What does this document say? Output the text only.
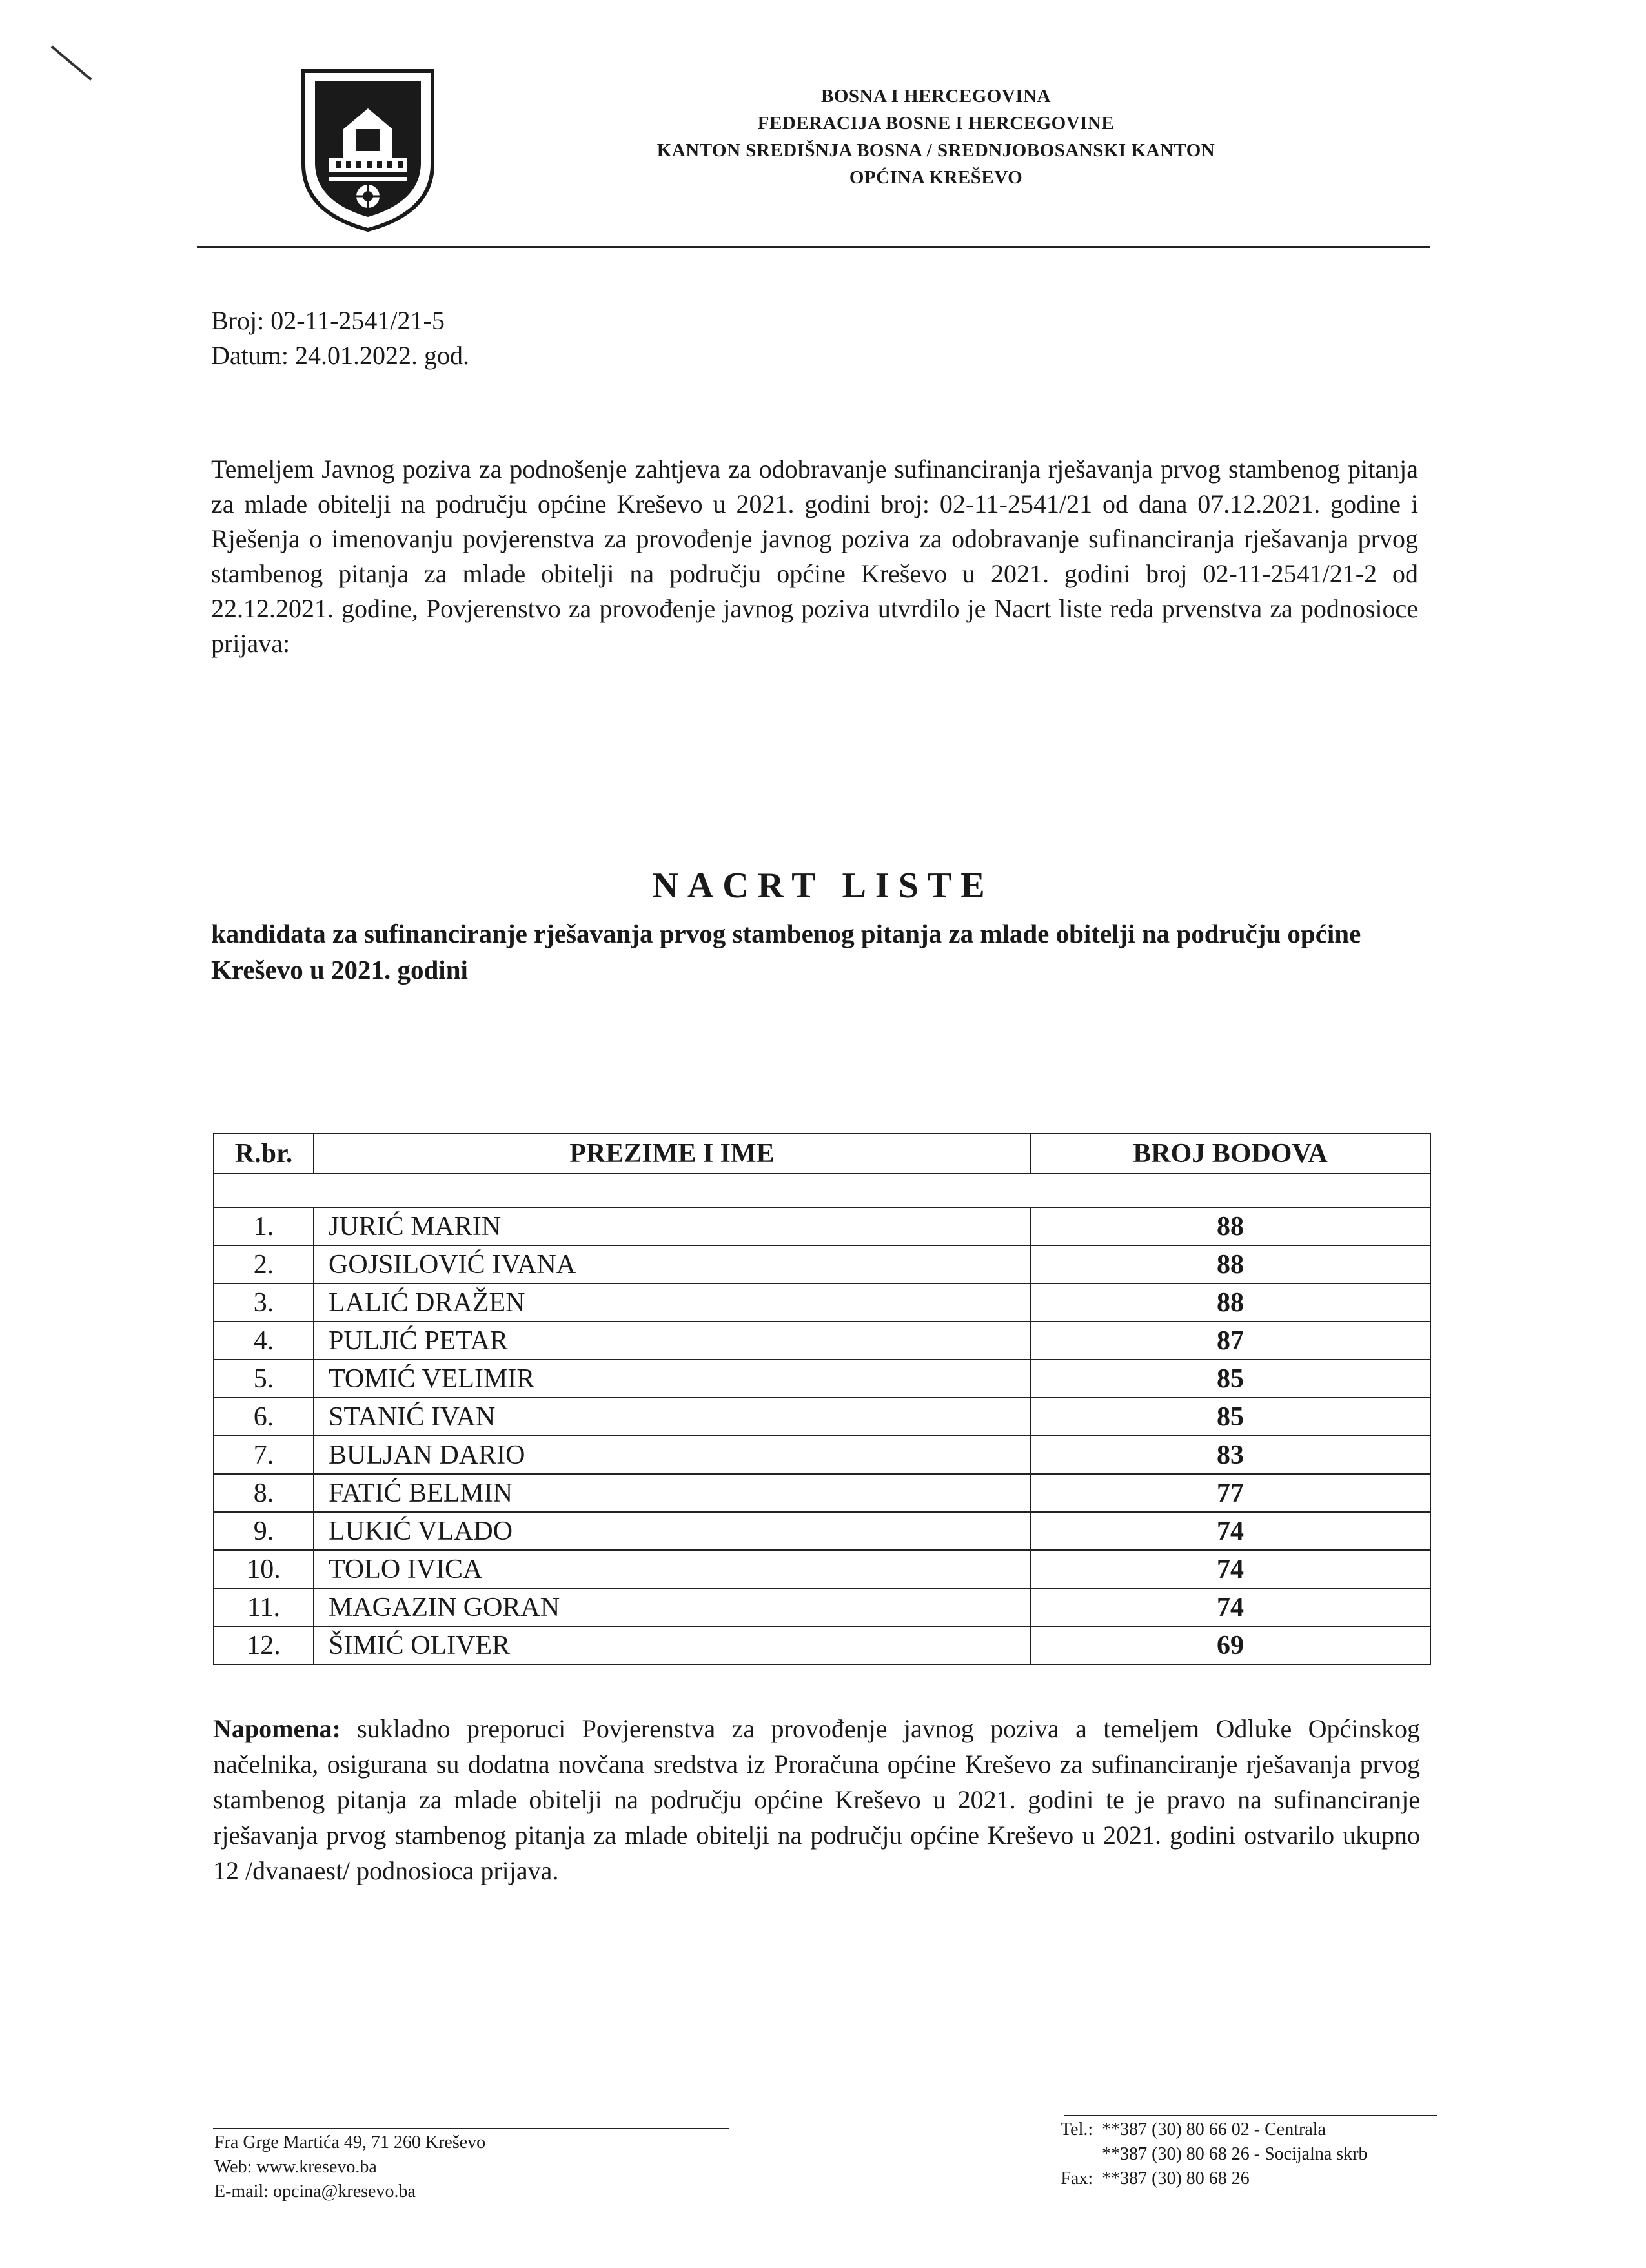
BOSNA I HERCEGOVINA
FEDERACIJA BOSNE I HERCEGOVINE
KANTON SREDIŠNJA BOSNA / SREDNJOBOSANSKI KANTON
OPĆINA KREŠEVO
Broj: 02-11-2541/21-5
Datum: 24.01.2022. god.
Temeljem Javnog poziva za podnošenje zahtjeva za odobravanje sufinanciranja rješavanja prvog stambenog pitanja za mlade obitelji na području općine Kreševo u 2021. godini broj: 02-11-2541/21 od dana 07.12.2021. godine i Rješenja o imenovanju povjerenstva za provođenje javnog poziva za odobravanje sufinanciranja rješavanja prvog stambenog pitanja za mlade obitelji na području općine Kreševo u 2021. godini broj 02-11-2541/21-2 od 22.12.2021. godine, Povjerenstvo za provođenje javnog poziva utvrdilo je Nacrt liste reda prvenstva za podnosioce prijava:
NACRT LISTE
kandidata za sufinanciranje rješavanja prvog stambenog pitanja za mlade obitelji na području općine Kreševo u 2021. godini
R.br.	PREZIME I IME	BROJ BODOVA

1.	JURIĆ MARIN	88
2.	GOJSILOVIĆ IVANA	88
3.	LALIĆ DRAŽEN	88
4.	PULJIĆ PETAR	87
5.	TOMIĆ VELIMIR	85
6.	STANIĆ IVAN	85
7.	BULJAN DARIO	83
8.	FATIĆ BELMIN	77
9.	LUKIĆ VLADO	74
10.	TOLO IVICA	74
11.	MAGAZIN GORAN	74
12.	ŠIMIĆ OLIVER	69
Napomena: sukladno preporuci Povjerenstva za provođenje javnog poziva a temeljem Odluke Općinskog načelnika, osigurana su dodatna novčana sredstva iz Proračuna općine Kreševo za sufinanciranje rješavanja prvog stambenog pitanja za mlade obitelji na području općine Kreševo u 2021. godini te je pravo na sufinanciranje rješavanja prvog stambenog pitanja za mlade obitelji na području općine Kreševo u 2021. godini ostvarilo ukupno 12 /dvanaest/ podnosioca prijava.
Fra Grge Martića 49, 71 260 Kreševo
Web: www.kresevo.ba
E-mail: opcina@kresevo.ba
Tel.:	**387 (30) 80 66 02 - Centrala
	**387 (30) 80 68 26 - Socijalna skrb
Fax:	**387 (30) 80 68 26
